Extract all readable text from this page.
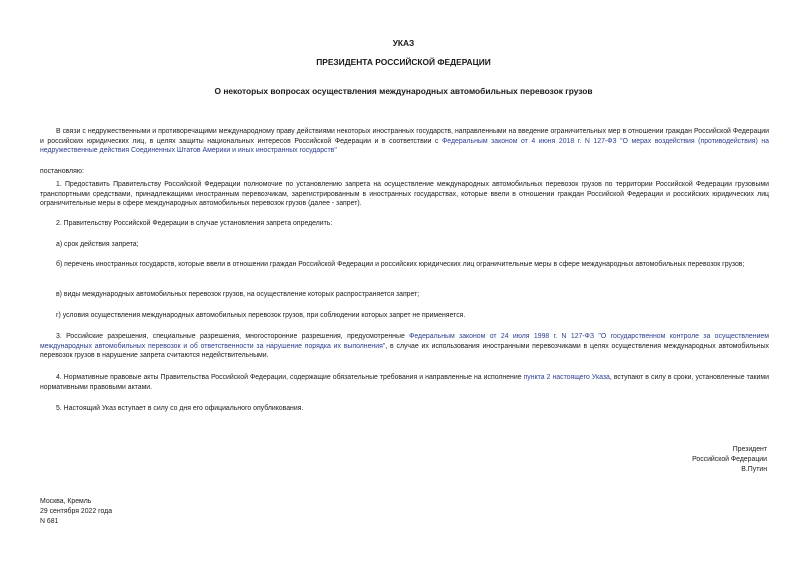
УКАЗ
ПРЕЗИДЕНТА РОССИЙСКОЙ ФЕДЕРАЦИИ
О некоторых вопросах осуществления международных автомобильных перевозок грузов
В связи с недружественными и противоречащими международному праву действиями некоторых иностранных государств, направленными на введение ограничительных мер в отношении граждан Российской Федерации и российских юридических лиц, в целях защиты национальных интересов Российской Федерации и в соответствии с Федеральным законом от 4 июня 2018 г. N 127-ФЗ "О мерах воздействия (противодействия) на недружественные действия Соединенных Штатов Америки и иных иностранных государств"
постановляю:
1. Предоставить Правительству Российской Федерации полномочие по установлению запрета на осуществление международных автомобильных перевозок грузов по территории Российской Федерации грузовыми транспортными средствами, принадлежащими иностранным перевозчикам, зарегистрированным в иностранных государствах, которые ввели в отношении граждан Российской Федерации и российских юридических лиц ограничительные меры в сфере международных автомобильных перевозок грузов (далее - запрет).
2. Правительству Российской Федерации в случае установления запрета определить:
а) срок действия запрета;
б) перечень иностранных государств, которые ввели в отношении граждан Российской Федерации и российских юридических лиц ограничительные меры в сфере международных автомобильных перевозок грузов;
в) виды международных автомобильных перевозок грузов, на осуществление которых распространяется запрет;
г) условия осуществления международных автомобильных перевозок грузов, при соблюдении которых запрет не применяется.
3. Российские разрешения, специальные разрешения, многосторонние разрешения, предусмотренные Федеральным законом от 24 июля 1998 г. N 127-ФЗ "О государственном контроле за осуществлением международных автомобильных перевозок и об ответственности за нарушение порядка их выполнения", в случае их использования иностранными перевозчиками в целях осуществления международных автомобильных перевозок грузов в нарушение запрета считаются недействительными.
4. Нормативные правовые акты Правительства Российской Федерации, содержащие обязательные требования и направленные на исполнение пункта 2 настоящего Указа, вступают в силу в сроки, установленные такими нормативными правовыми актами.
5. Настоящий Указ вступает в силу со дня его официального опубликования.
Президент
Российской Федерации
В.Путин
Москва, Кремль
29 сентября 2022 года
N 681
